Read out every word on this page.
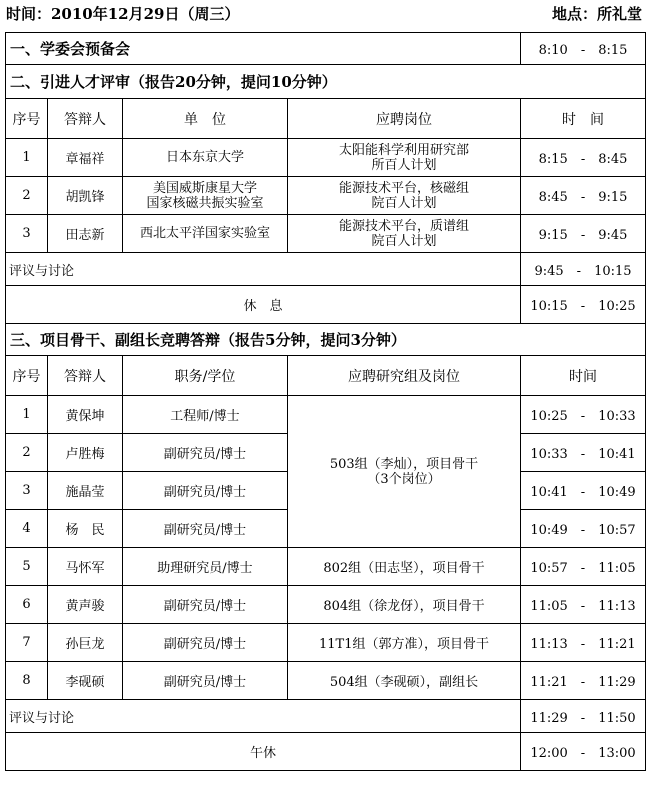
时间：2010年12月29日（周三）	地点：所礼堂
一、学委会预备会				8:10　-　8:15
二、引进人才评审（报告20分钟，提问10分钟）				
序号	答辩人	单　位	应聘岗位	时　间
1	章福祥	日本东京大学	太阳能科学利用研究部
所百人计划	8:15　-　8:45
2	胡凯锋	美国威斯康星大学
国家核磁共振实验室	能源技术平台，核磁组
院百人计划	8:45　-　9:15
3	田志新	西北太平洋国家实验室	能源技术平台，质谱组
院百人计划	9:15　-　9:45
评议与讨论				9:45　-　10:15
休　息				10:15　-　10:25
三、项目骨干、副组长竞聘答辩（报告5分钟，提问3分钟）				
序号	答辩人	职务/学位	应聘研究组及岗位	时间
1	黄保坤	工程师/博士	503组（李灿），项目骨干
（3个岗位）	10:25　-　10:33
2	卢胜梅	副研究员/博士		10:33　-　10:41
3	施晶莹	副研究员/博士		10:41　-　10:49
4	杨　民	副研究员/博士		10:49　-　10:57
5	马怀军	助理研究员/博士	802组（田志坚），项目骨干	10:57　-　11:05
6	黄声骏	副研究员/博士	804组（徐龙伢），项目骨干	11:05　-　11:13
7	孙巨龙	副研究员/博士	11T1组（郭方准），项目骨干	11:13　-　11:21
8	李砚硕	副研究员/博士	504组（李砚硕），副组长	11:21　-　11:29
评议与讨论				11:29　-　11:50
午休				12:00　-　13:00
